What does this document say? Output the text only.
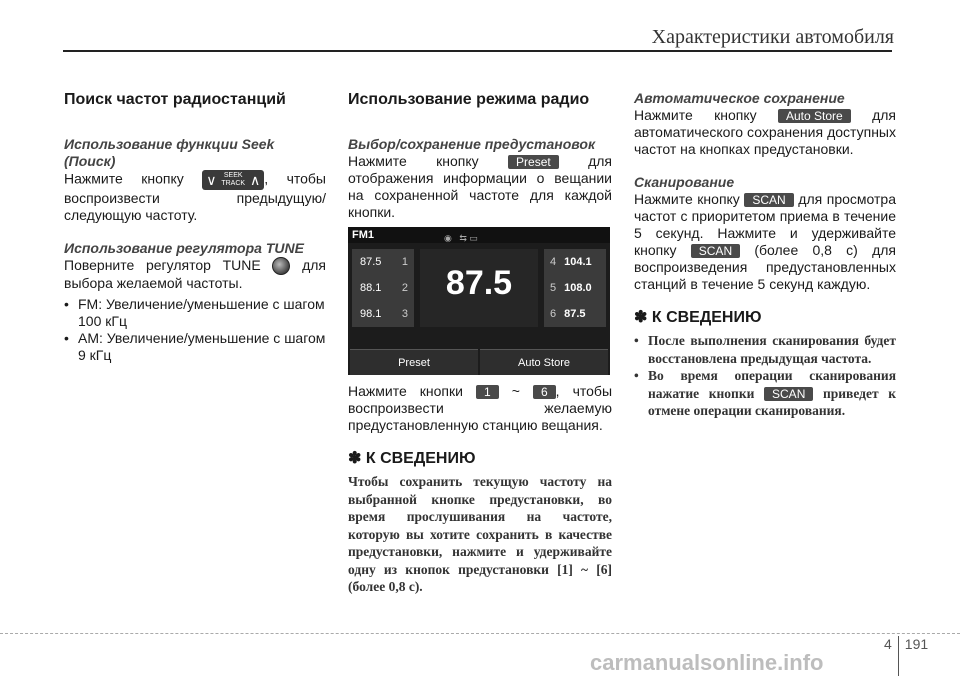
Характеристики автомобиля
Поиск частот радиостанций
Использование функции Seek (Поиск)

Нажмите кнопку ∨	SEEK
TRACK ∧ , чтобы воспроизвести предыдущую/следующую частоту.

Использование регулятора TUNE

Поверните регулятор TUNE  для выбора желаемой частоты.

• FM: Увеличение/уменьшение с шагом 100 кГц
• AM: Увеличение/уменьшение с шагом 9 кГц
Использование режима радио
Выбор/сохранение предустановок

Нажмите кнопку	Preset для отображения информации о вещании на сохраненной частоте для каждой кнопки.

FM1	◉   ⇆ ▭
87.5 1
88.1 2
98.1 3
87.5
4 104.1
5 108.0
6 87.5
Preset	Auto Store

Нажмите кнопки 1 ~ 6 , чтобы воспроизвести желаемую предустановленную станцию вещания.

✽ К СВЕДЕНИЮ

Чтобы сохранить текущую частоту на выбранной кнопке предустановки, во время прослушивания на частоте, которую вы хотите сохранить в качестве предустановки, нажмите и удерживайте одну из кнопок предустановки [1] ~ [6] (более 0,8 с).

Автоматическое сохранение

Нажмите кнопку Auto Store для автоматического сохранения доступных частот на кнопках предустановки.

Сканирование

Нажмите кнопку SCAN для просмотра частот с приоритетом приема в течение 5 секунд. Нажмите и удерживайте кнопку SCAN (более 0,8 с) для воспроизведения предустановленных станций в течение 5 секунд каждую.

✽ К СВЕДЕНИЮ
• После выполнения сканирования будет восстановлена предыдущая частота.
• Во время операции сканирования нажатие кнопки SCAN приведет к отмене операции сканирования.
4 191
carmanualsonline.info
